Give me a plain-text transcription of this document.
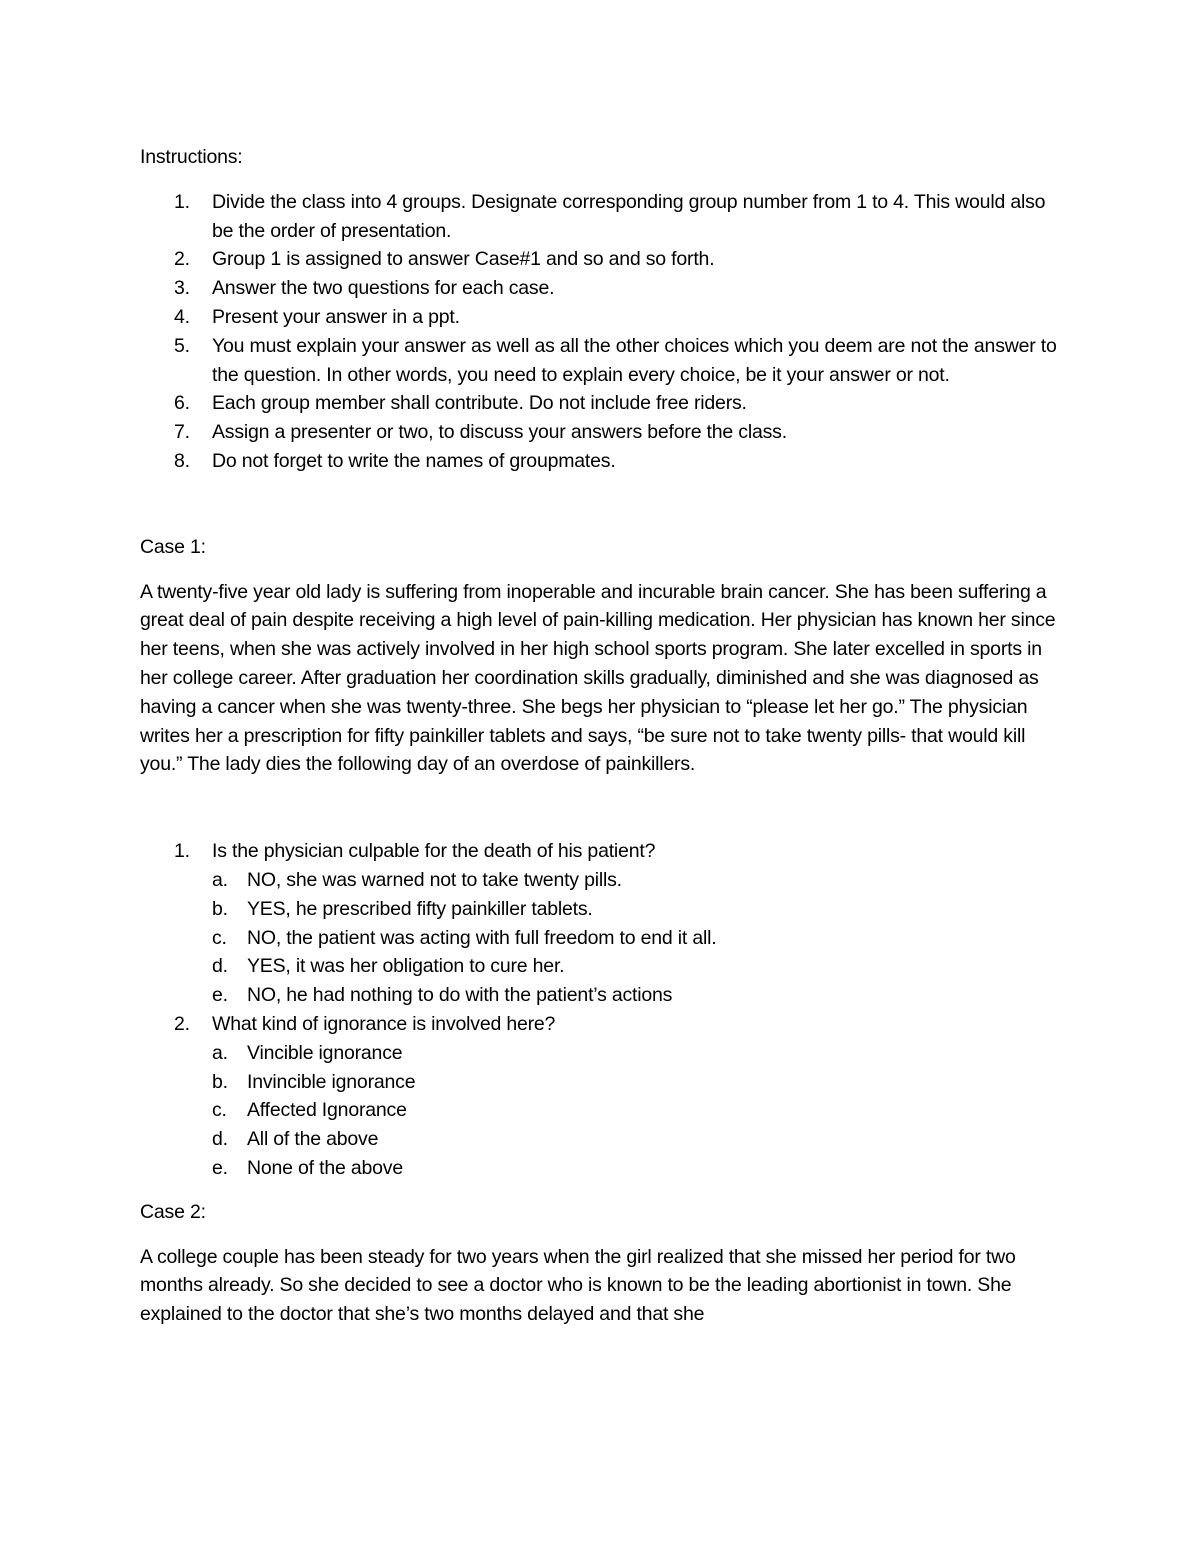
Instructions:
1.	Divide the class into 4 groups. Designate corresponding group number from 1 to 4. This would also be the order of presentation.
2.	Group 1 is assigned to answer Case#1 and so and so forth.
3.	Answer the two questions for each case.
4.	Present your answer in a ppt.
5.	You must explain your answer as well as all the other choices which you deem are not the answer to the question. In other words, you need to explain every choice, be it your answer or not.
6.	Each group member shall contribute. Do not include free riders.
7.	Assign a presenter or two, to discuss your answers before the class.
8.	Do not forget to write the names of groupmates.
Case 1:

A twenty-five year old lady is suffering from inoperable and incurable brain cancer. She has been suffering a great deal of pain despite receiving a high level of pain-killing medication. Her physician has known her since her teens, when she was actively involved in her high school sports program. She later excelled in sports in her college career. After graduation her coordination skills gradually, diminished and she was diagnosed as having a cancer when she was twenty-three. She begs her physician to “please let her go.” The physician writes her a prescription for fifty painkiller tablets and says, “be sure not to take twenty pills- that would kill you.” The lady dies the following day of an overdose of painkillers.

1.	Is the physician culpable for the death of his patient?
a. NO, she was warned not to take twenty pills.
b. YES, he prescribed fifty painkiller tablets.
c.	NO, the patient was acting with full freedom to end it all.
d. YES, it was her obligation to cure her.
e. NO, he had nothing to do with the patient’s actions
2.	What kind of ignorance is involved here?
a. Vincible ignorance
b. Invincible ignorance
c.	Affected Ignorance
d. All of the above
e. None of the above
Case 2:

A college couple has been steady for two years when the girl realized that she missed her period for two months already. So she decided to see a doctor who is known to be the leading abortionist in town. She explained to the doctor that she’s two months delayed and that she
